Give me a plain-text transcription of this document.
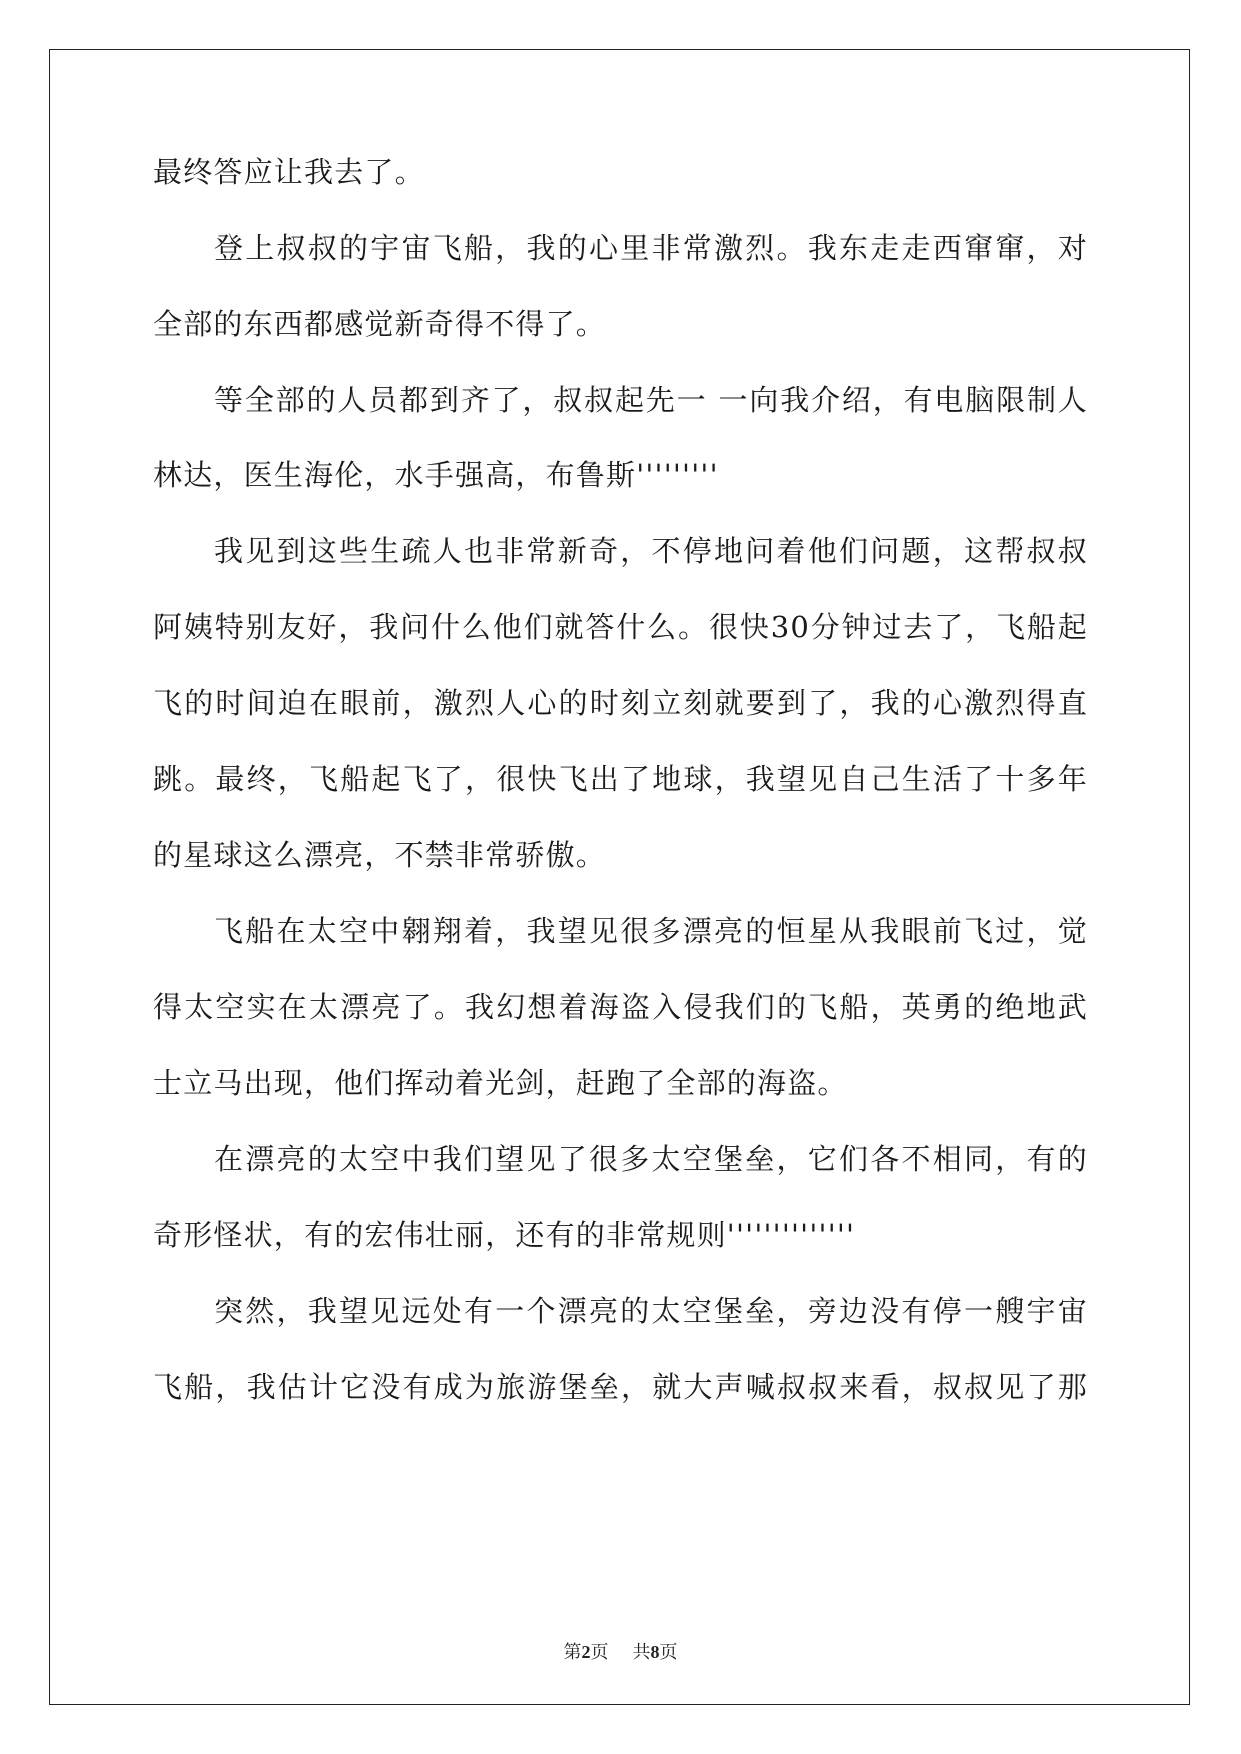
最终答应让我去了。
登上叔叔的宇宙飞船，我的心里非常激烈。我东走走西窜窜，对
全部的东西都感觉新奇得不得了。
等全部的人员都到齐了，叔叔起先一 一向我介绍，有电脑限制人
林达，医生海伦，水手强高，布鲁斯'''''''''
我见到这些生疏人也非常新奇，不停地问着他们问题，这帮叔叔
阿姨特别友好，我问什么他们就答什么。很快30分钟过去了，飞船起
飞的时间迫在眼前，激烈人心的时刻立刻就要到了，我的心激烈得直
跳。最终，飞船起飞了，很快飞出了地球，我望见自己生活了十多年
的星球这么漂亮，不禁非常骄傲。
飞船在太空中翱翔着，我望见很多漂亮的恒星从我眼前飞过，觉
得太空实在太漂亮了。我幻想着海盗入侵我们的飞船，英勇的绝地武
士立马出现，他们挥动着光剑，赶跑了全部的海盗。
在漂亮的太空中我们望见了很多太空堡垒，它们各不相同，有的
奇形怪状，有的宏伟壮丽，还有的非常规则''''''''''''''
突然，我望见远处有一个漂亮的太空堡垒，旁边没有停一艘宇宙
飞船，我估计它没有成为旅游堡垒，就大声喊叔叔来看，叔叔见了那
第2页 共8页
